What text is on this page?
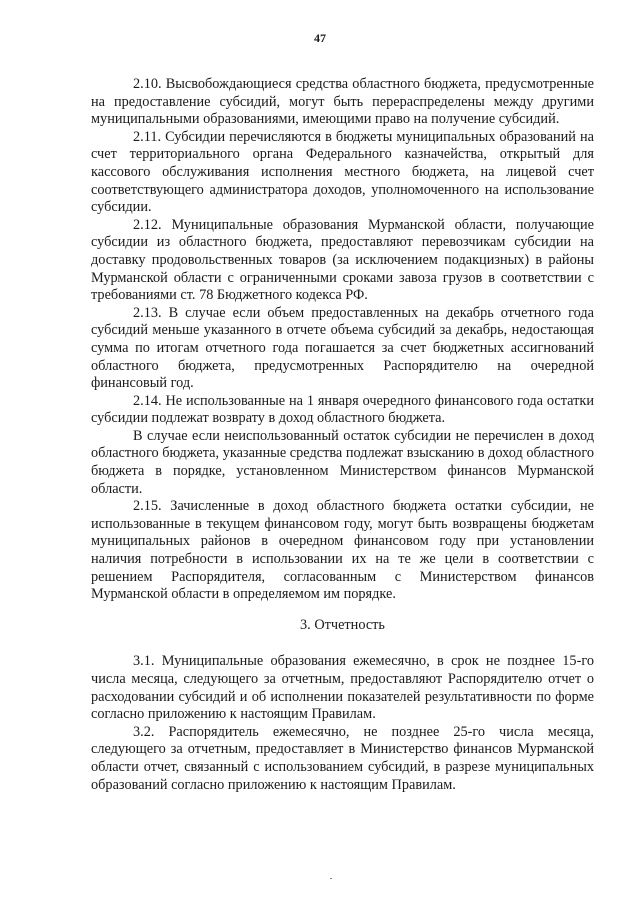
47

2.10. Высвобождающиеся средства областного бюджета, предусмотренные на предоставление субсидий, могут быть перераспределены между другими муниципальными образованиями, имеющими право на получение субсидий.

2.11. Субсидии перечисляются в бюджеты муниципальных образований на счет территориального органа Федерального казначейства, открытый для кассового обслуживания исполнения местного бюджета, на лицевой счет соответствующего администратора доходов, уполномоченного на использование субсидии.

2.12. Муниципальные образования Мурманской области, получающие субсидии из областного бюджета, предоставляют перевозчикам субсидии на доставку продовольственных товаров (за исключением подакцизных) в районы Мурманской области с ограниченными сроками завоза грузов в соответствии с требованиями ст. 78 Бюджетного кодекса РФ.

2.13. В случае если объем предоставленных на декабрь отчетного года субсидий меньше указанного в отчете объема субсидий за декабрь, недостающая сумма по итогам отчетного года погашается за счет бюджетных ассигнований областного бюджета, предусмотренных Распорядителю на очередной финансовый год.

2.14. Не использованные на 1 января очередного финансового года остатки субсидии подлежат возврату в доход областного бюджета.

В случае если неиспользованный остаток субсидии не перечислен в доход областного бюджета, указанные средства подлежат взысканию в доход областного бюджета в порядке, установленном Министерством финансов Мурманской области.

2.15. Зачисленные в доход областного бюджета остатки субсидии, не использованные в текущем финансовом году, могут быть возвращены бюджетам муниципальных районов в очередном финансовом году при установлении наличия потребности в использовании их на те же цели в соответствии с решением Распорядителя, согласованным с Министерством финансов Мурманской области в определяемом им порядке.

3. Отчетность

3.1. Муниципальные образования ежемесячно, в срок не позднее 15-го числа месяца, следующего за отчетным, предоставляют Распорядителю отчет о расходовании субсидий и об исполнении показателей результативности по форме согласно приложению к настоящим Правилам.

3.2. Распорядитель ежемесячно, не позднее 25-го числа месяца, следующего за отчетным, предоставляет в Министерство финансов Мурманской области отчет, связанный с использованием субсидий, в разрезе муниципальных образований согласно приложению к настоящим Правилам.
